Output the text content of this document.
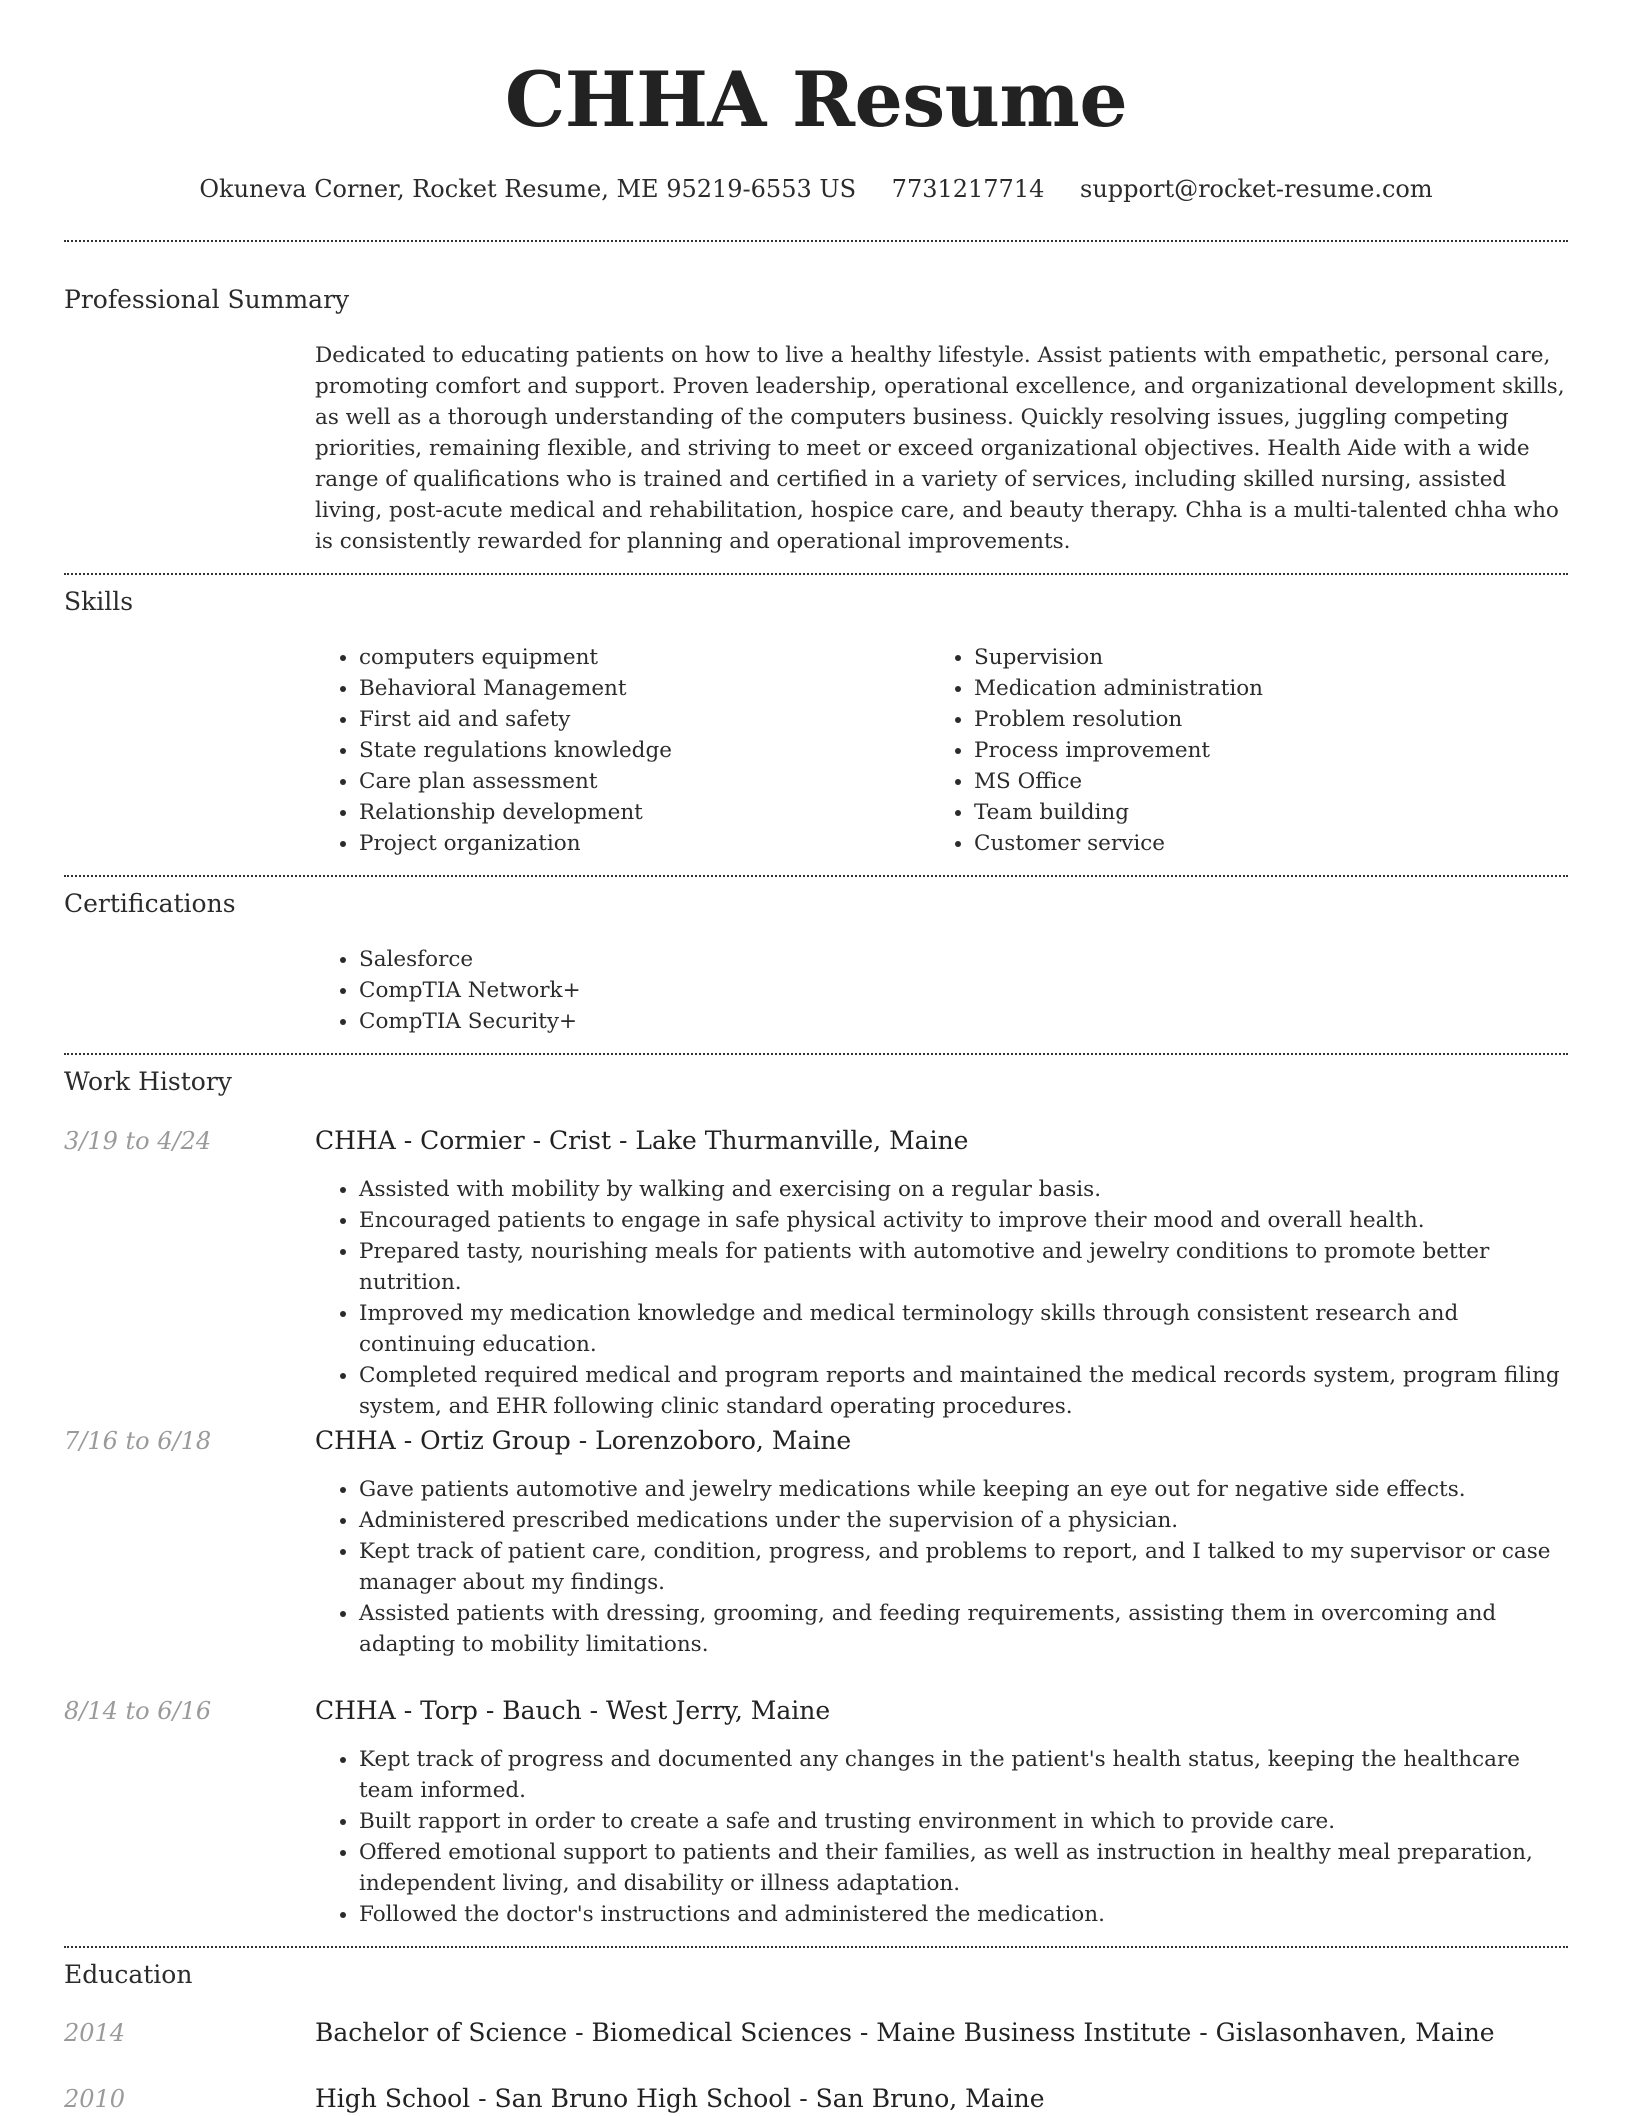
CHHA Resume
Okuneva Corner, Rocket Resume, ME 95219-6553 US 7731217714 support@rocket-resume.com
Professional Summary

Dedicated to educating patients on how to live a healthy lifestyle. Assist patients with empathetic, personal care, promoting comfort and support. Proven leadership, operational excellence, and organizational development skills, as well as a thorough understanding of the computers business. Quickly resolving issues, juggling competing priorities, remaining flexible, and striving to meet or exceed organizational objectives. Health Aide with a wide range of qualifications who is trained and certified in a variety of services, including skilled nursing, assisted living, post-acute medical and rehabilitation, hospice care, and beauty therapy. Chha is a multi-talented chha who is consistently rewarded for planning and operational improvements.

Skills
• computers equipment
• Behavioral Management
• First aid and safety
• State regulations knowledge
• Care plan assessment
• Relationship development
• Project organization
• Supervision
• Medication administration
• Problem resolution
• Process improvement
• MS Office
• Team building
• Customer service
Certifications
• Salesforce
• CompTIA Network+
• CompTIA Security+
Work History
3/19 to 4/24	CHHA - Cormier - Crist - Lake Thurmanville, Maine
• Assisted with mobility by walking and exercising on a regular basis.
• Encouraged patients to engage in safe physical activity to improve their mood and overall health.
• Prepared tasty, nourishing meals for patients with automotive and jewelry conditions to promote better nutrition.
• Improved my medication knowledge and medical terminology skills through consistent research and continuing education.
• Completed required medical and program reports and maintained the medical records system, program filing system, and EHR following clinic standard operating procedures.
7/16 to 6/18	CHHA - Ortiz Group - Lorenzoboro, Maine
• Gave patients automotive and jewelry medications while keeping an eye out for negative side effects.
• Administered prescribed medications under the supervision of a physician.
• Kept track of patient care, condition, progress, and problems to report, and I talked to my supervisor or case manager about my findings.
• Assisted patients with dressing, grooming, and feeding requirements, assisting them in overcoming and adapting to mobility limitations.
8/14 to 6/16	CHHA - Torp - Bauch - West Jerry, Maine
• Kept track of progress and documented any changes in the patient's health status, keeping the healthcare team informed.
• Built rapport in order to create a safe and trusting environment in which to provide care.
• Offered emotional support to patients and their families, as well as instruction in healthy meal preparation, independent living, and disability or illness adaptation.
• Followed the doctor's instructions and administered the medication.
Education
2014	Bachelor of Science - Biomedical Sciences - Maine Business Institute - Gislasonhaven, Maine
2010	High School - San Bruno High School - San Bruno, Maine
